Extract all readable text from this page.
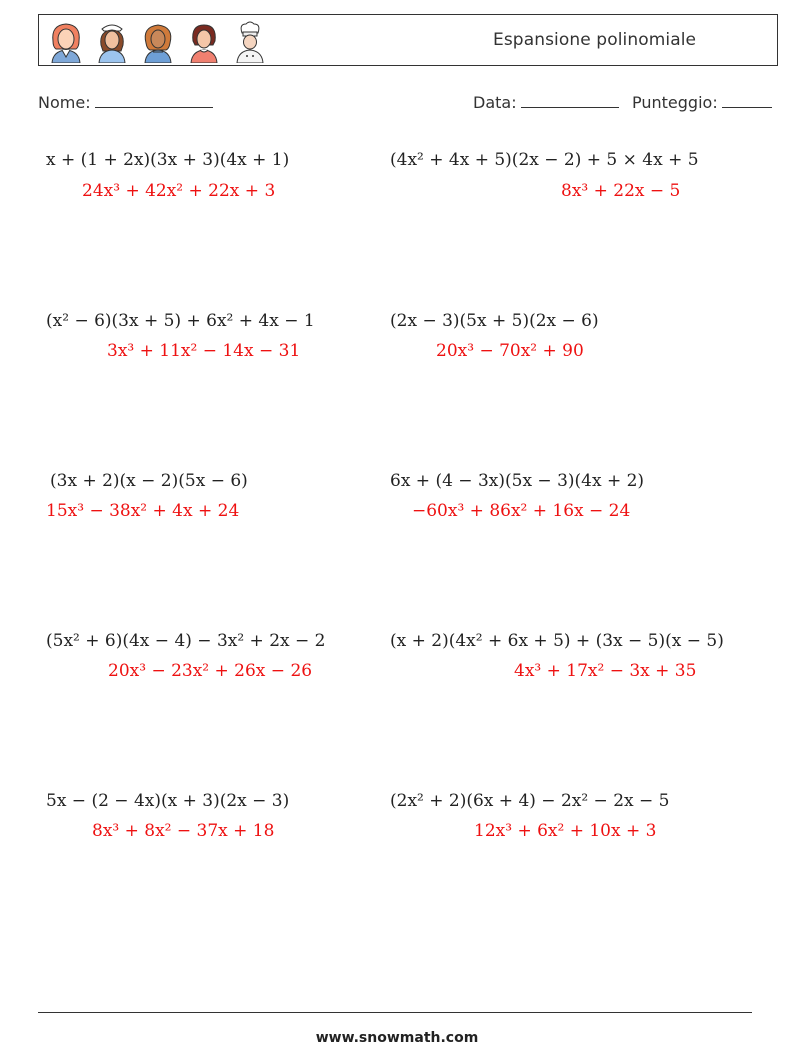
Espansione polinomiale
Nome:	Data:	Punteggio:
x + (1 + 2x)(3x + 3)(4x + 1)
24x³ + 42x² + 22x + 3
(4x² + 4x + 5)(2x − 2) + 5 × 4x + 5
8x³ + 22x − 5
(x² − 6)(3x + 5) + 6x² + 4x − 1
3x³ + 11x² − 14x − 31
(2x − 3)(5x + 5)(2x − 6)
20x³ − 70x² + 90
(3x + 2)(x − 2)(5x − 6)
15x³ − 38x² + 4x + 24
6x + (4 − 3x)(5x − 3)(4x + 2)
−60x³ + 86x² + 16x − 24
(5x² + 6)(4x − 4) − 3x² + 2x − 2
20x³ − 23x² + 26x − 26
(x + 2)(4x² + 6x + 5) + (3x − 5)(x − 5)
4x³ + 17x² − 3x + 35
5x − (2 − 4x)(x + 3)(2x − 3)
8x³ + 8x² − 37x + 18
(2x² + 2)(6x + 4) − 2x² − 2x − 5
12x³ + 6x² + 10x + 3
www.snowmath.com
